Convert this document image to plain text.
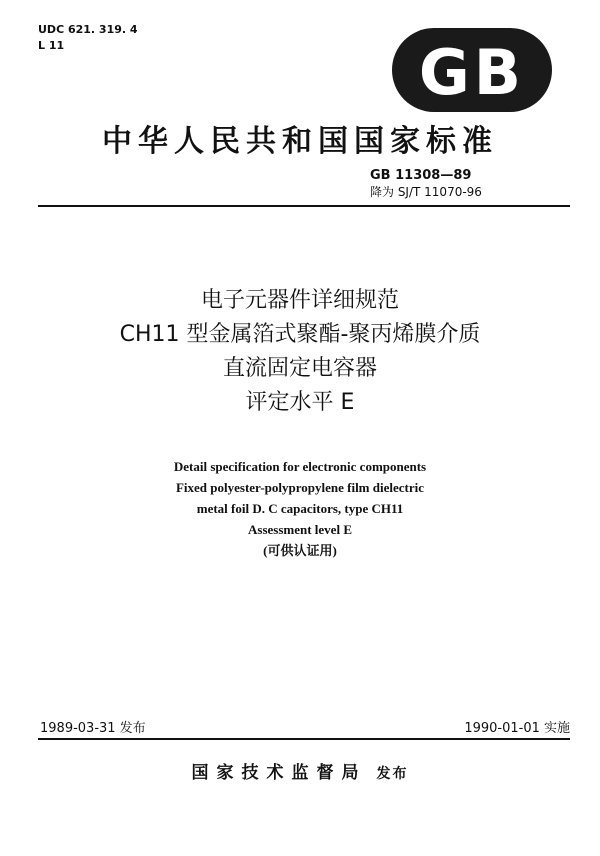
UDC 621. 319. 4
L 11	GB
中华人民共和国国家标准
GB 11308—89
降为 SJ/T 11070-96
电子元器件详细规范
CH11 型金属箔式聚酯-聚丙烯膜介质
直流固定电容器
评定水平 E
Detail specification for electronic components
Fixed polyester-polypropylene film dielectric
metal foil D. C capacitors, type CH11
Assessment level E
(可供认证用)
1989-03-31 发布	1990-01-01 实施
国家技术监督局 发布
